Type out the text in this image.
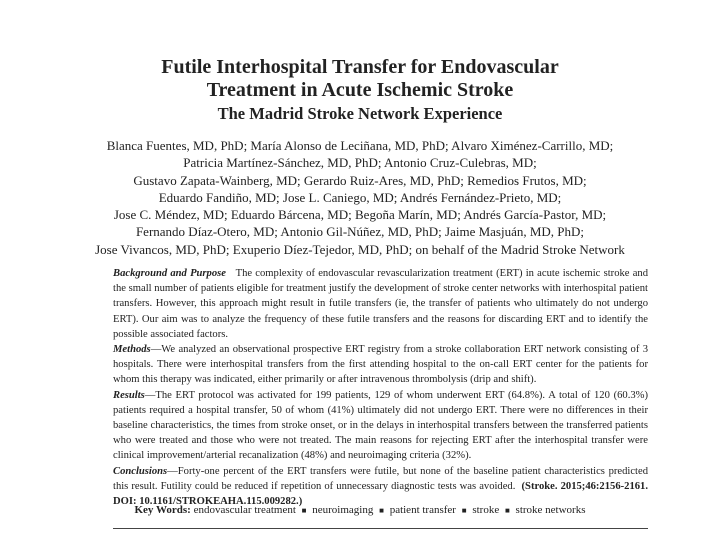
Futile Interhospital Transfer for Endovascular
Treatment in Acute Ischemic Stroke
The Madrid Stroke Network Experience
Blanca Fuentes, MD, PhD; María Alonso de Leciñana, MD, PhD; Alvaro Ximénez-Carrillo, MD;
Patricia Martínez-Sánchez, MD, PhD; Antonio Cruz-Culebras, MD;
Gustavo Zapata-Wainberg, MD; Gerardo Ruiz-Ares, MD, PhD; Remedios Frutos, MD;
Eduardo Fandiño, MD; Jose L. Caniego, MD; Andrés Fernández-Prieto, MD;
Jose C. Méndez, MD; Eduardo Bárcena, MD; Begoña Marín, MD; Andrés García-Pastor, MD;
Fernando Díaz-Otero, MD; Antonio Gil-Núñez, MD, PhD; Jaime Masjuán, MD, PhD;
Jose Vivancos, MD, PhD; Exuperio Díez-Tejedor, MD, PhD; on behalf of the Madrid Stroke Network

Background and Purpose The complexity of endovascular revascularization treatment (ERT) in acute ischemic stroke and the small number of patients eligible for treatment justify the development of stroke center networks with interhospital patient transfers. However, this approach might result in futile transfers (ie, the transfer of patients who ultimately do not undergo ERT). Our aim was to analyze the frequency of these futile transfers and the reasons for discarding ERT and to identify the possible associated factors.

Methods—We analyzed an observational prospective ERT registry from a stroke collaboration ERT network consisting of 3 hospitals. There were interhospital transfers from the first attending hospital to the on-call ERT center for the patients for whom this therapy was indicated, either primarily or after intravenous thrombolysis (drip and shift).

Results—The ERT protocol was activated for 199 patients, 129 of whom underwent ERT (64.8%). A total of 120 (60.3%) patients required a hospital transfer, 50 of whom (41%) ultimately did not undergo ERT. There were no differences in their baseline characteristics, the times from stroke onset, or in the delays in interhospital transfers between the transferred patients who were treated and those who were not treated. The main reasons for rejecting ERT after the interhospital transfer were clinical improvement/arterial recanalization (48%) and neuroimaging criteria (32%).

Conclusions—Forty-one percent of the ERT transfers were futile, but none of the baseline patient characteristics predicted this result. Futility could be reduced if repetition of unnecessary diagnostic tests was avoided. (Stroke. 2015;46:2156-2161. DOI: 10.1161/STROKEAHA.115.009282.)

Key Words: endovascular treatment ■ neuroimaging ■ patient transfer ■ stroke ■ stroke networks
